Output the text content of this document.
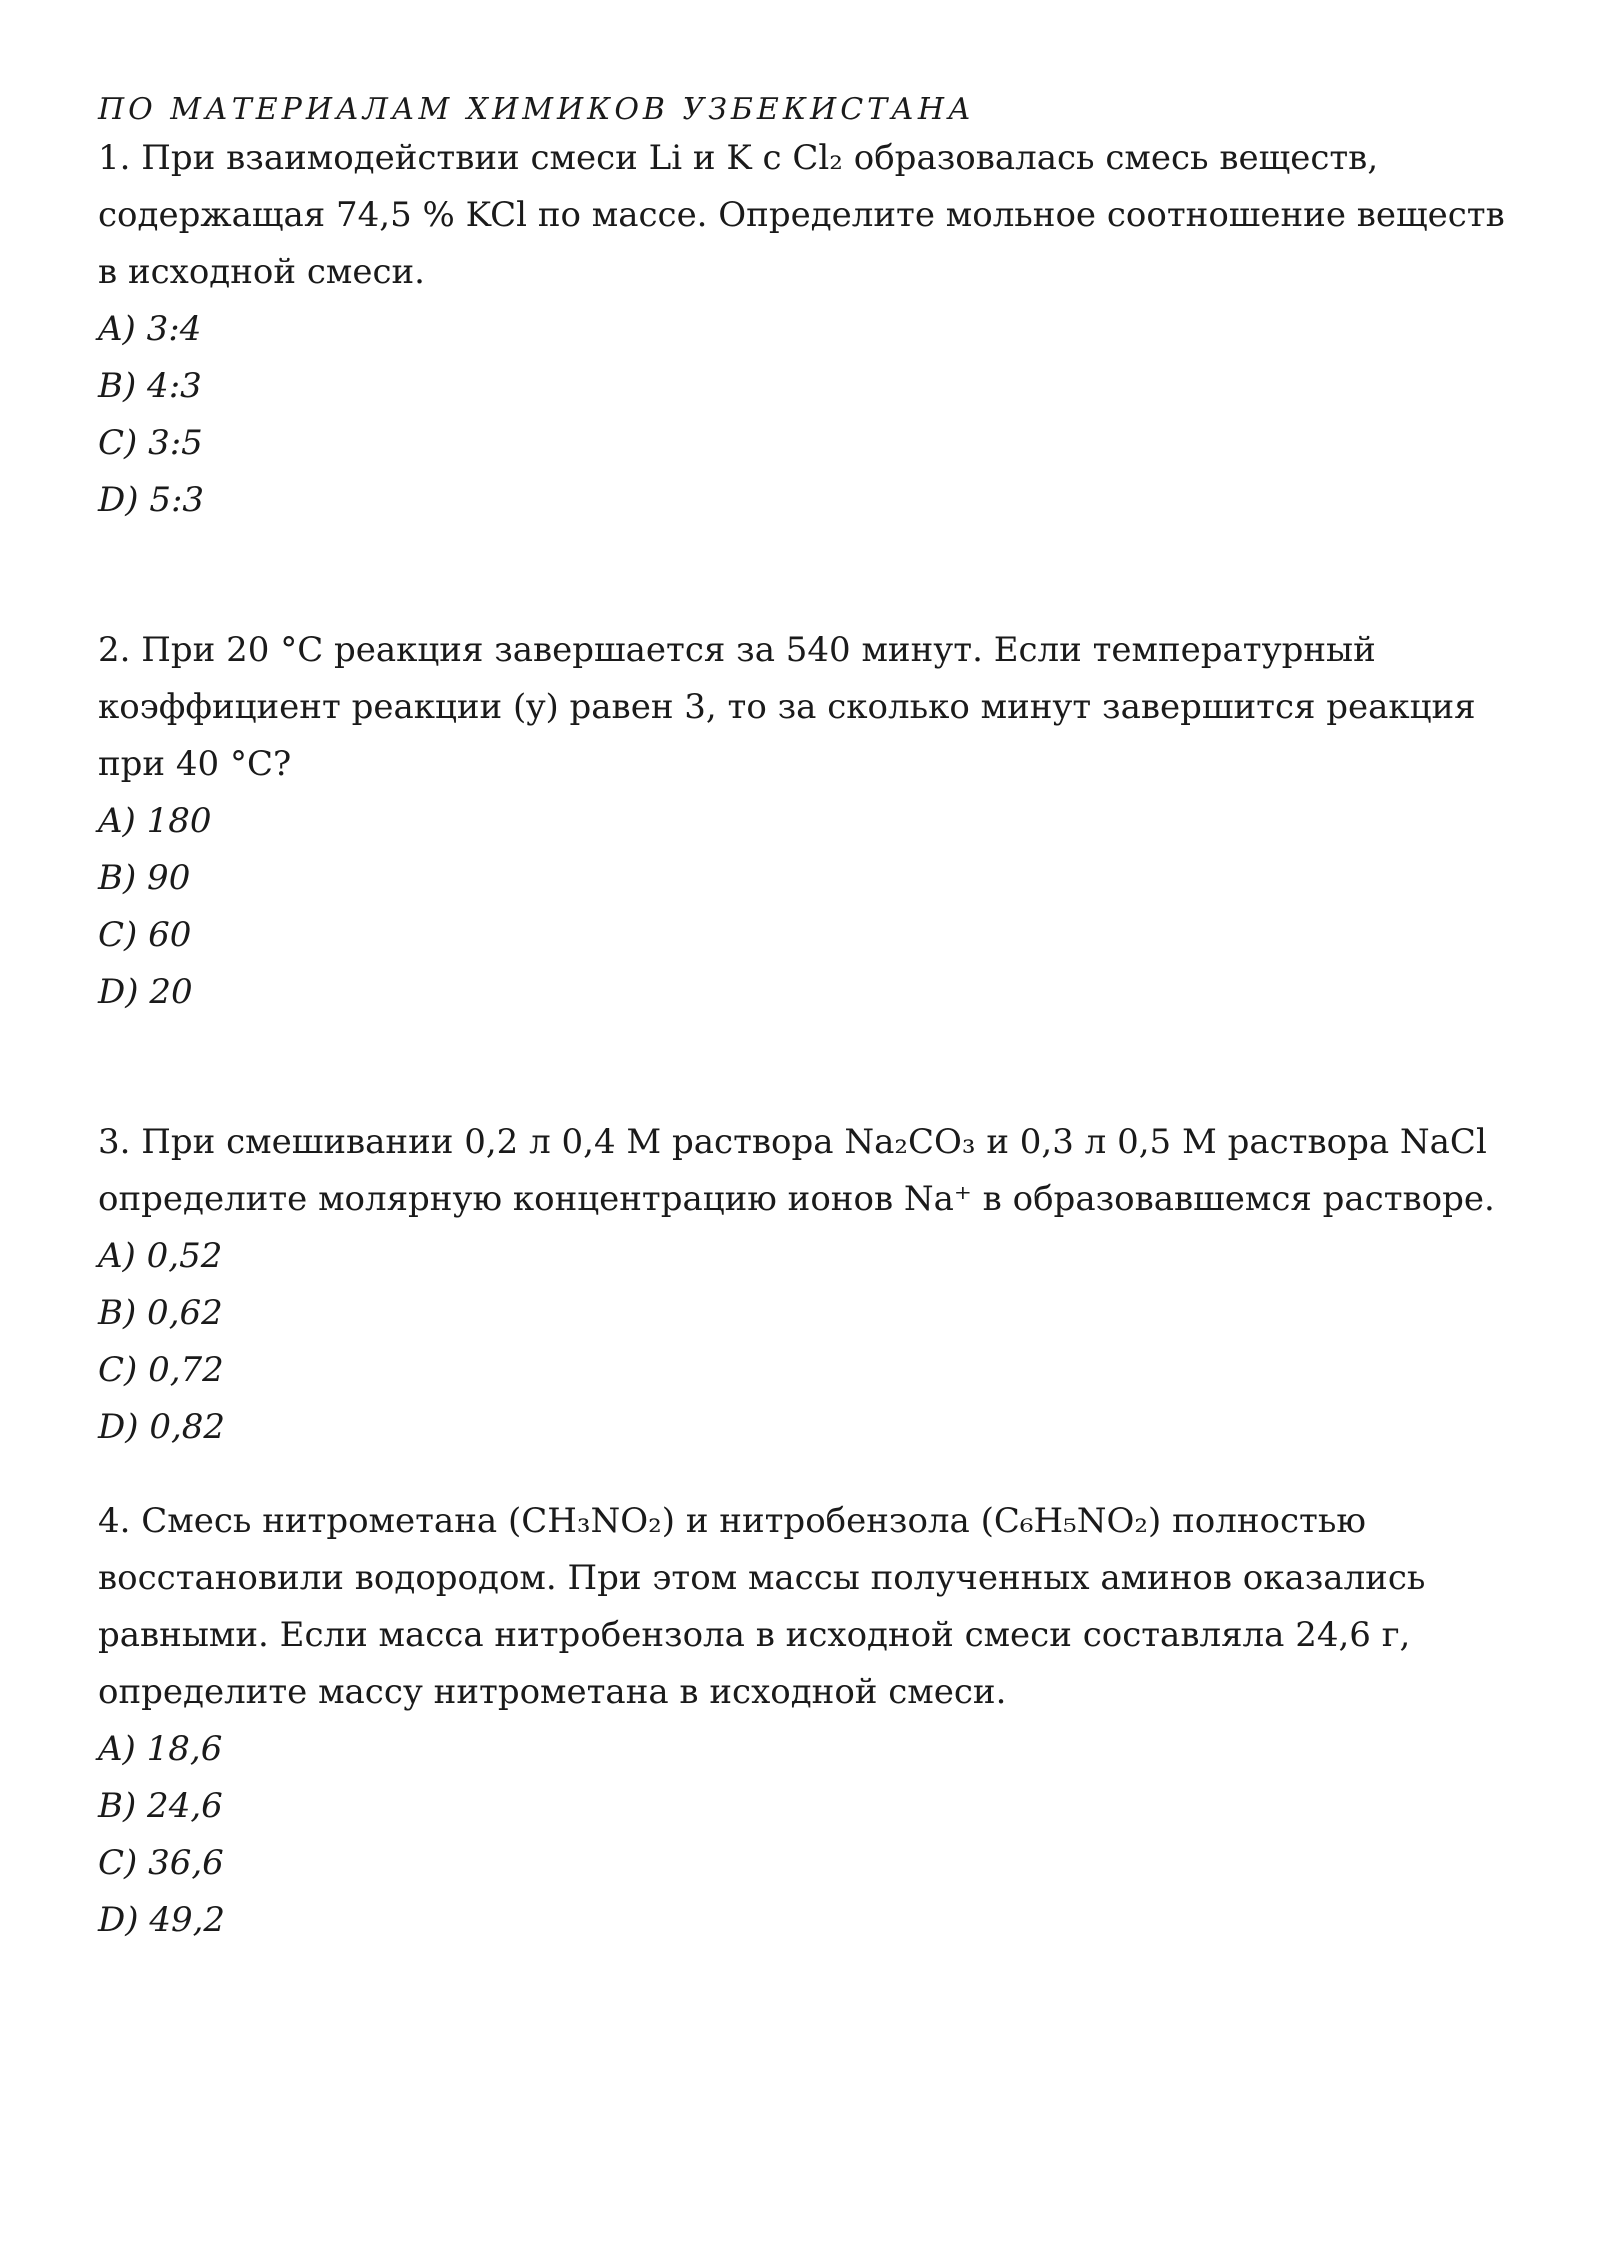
ПО МАТЕРИАЛАМ ХИМИКОВ УЗБЕКИСТАНА

1. При взаимодействии смеси Li и K с Cl₂ образовалась смесь веществ, содержащая 74,5 % KCl по массе. Определите мольное соотношение веществ в исходной смеси.

A) 3:4
B) 4:3
C) 3:5
D) 5:3

2. При 20 °C реакция завершается за 540 минут. Если температурный коэффициент реакции (y) равен 3, то за сколько минут завершится реакция при 40 °C?

A) 180
B) 90
C) 60
D) 20

3. При смешивании 0,2 л 0,4 М раствора Na₂CO₃ и 0,3 л 0,5 М раствора NaCl определите молярную концентрацию ионов Na⁺ в образовавшемся растворе.

A) 0,52
B) 0,62
C) 0,72
D) 0,82

4. Смесь нитрометана (CH₃NO₂) и нитробензола (C₆H₅NO₂) полностью восстановили водородом. При этом массы полученных аминов оказались равными. Если масса нитробензола в исходной смеси составляла 24,6 г, определите массу нитрометана в исходной смеси.

A) 18,6
B) 24,6
C) 36,6
D) 49,2
